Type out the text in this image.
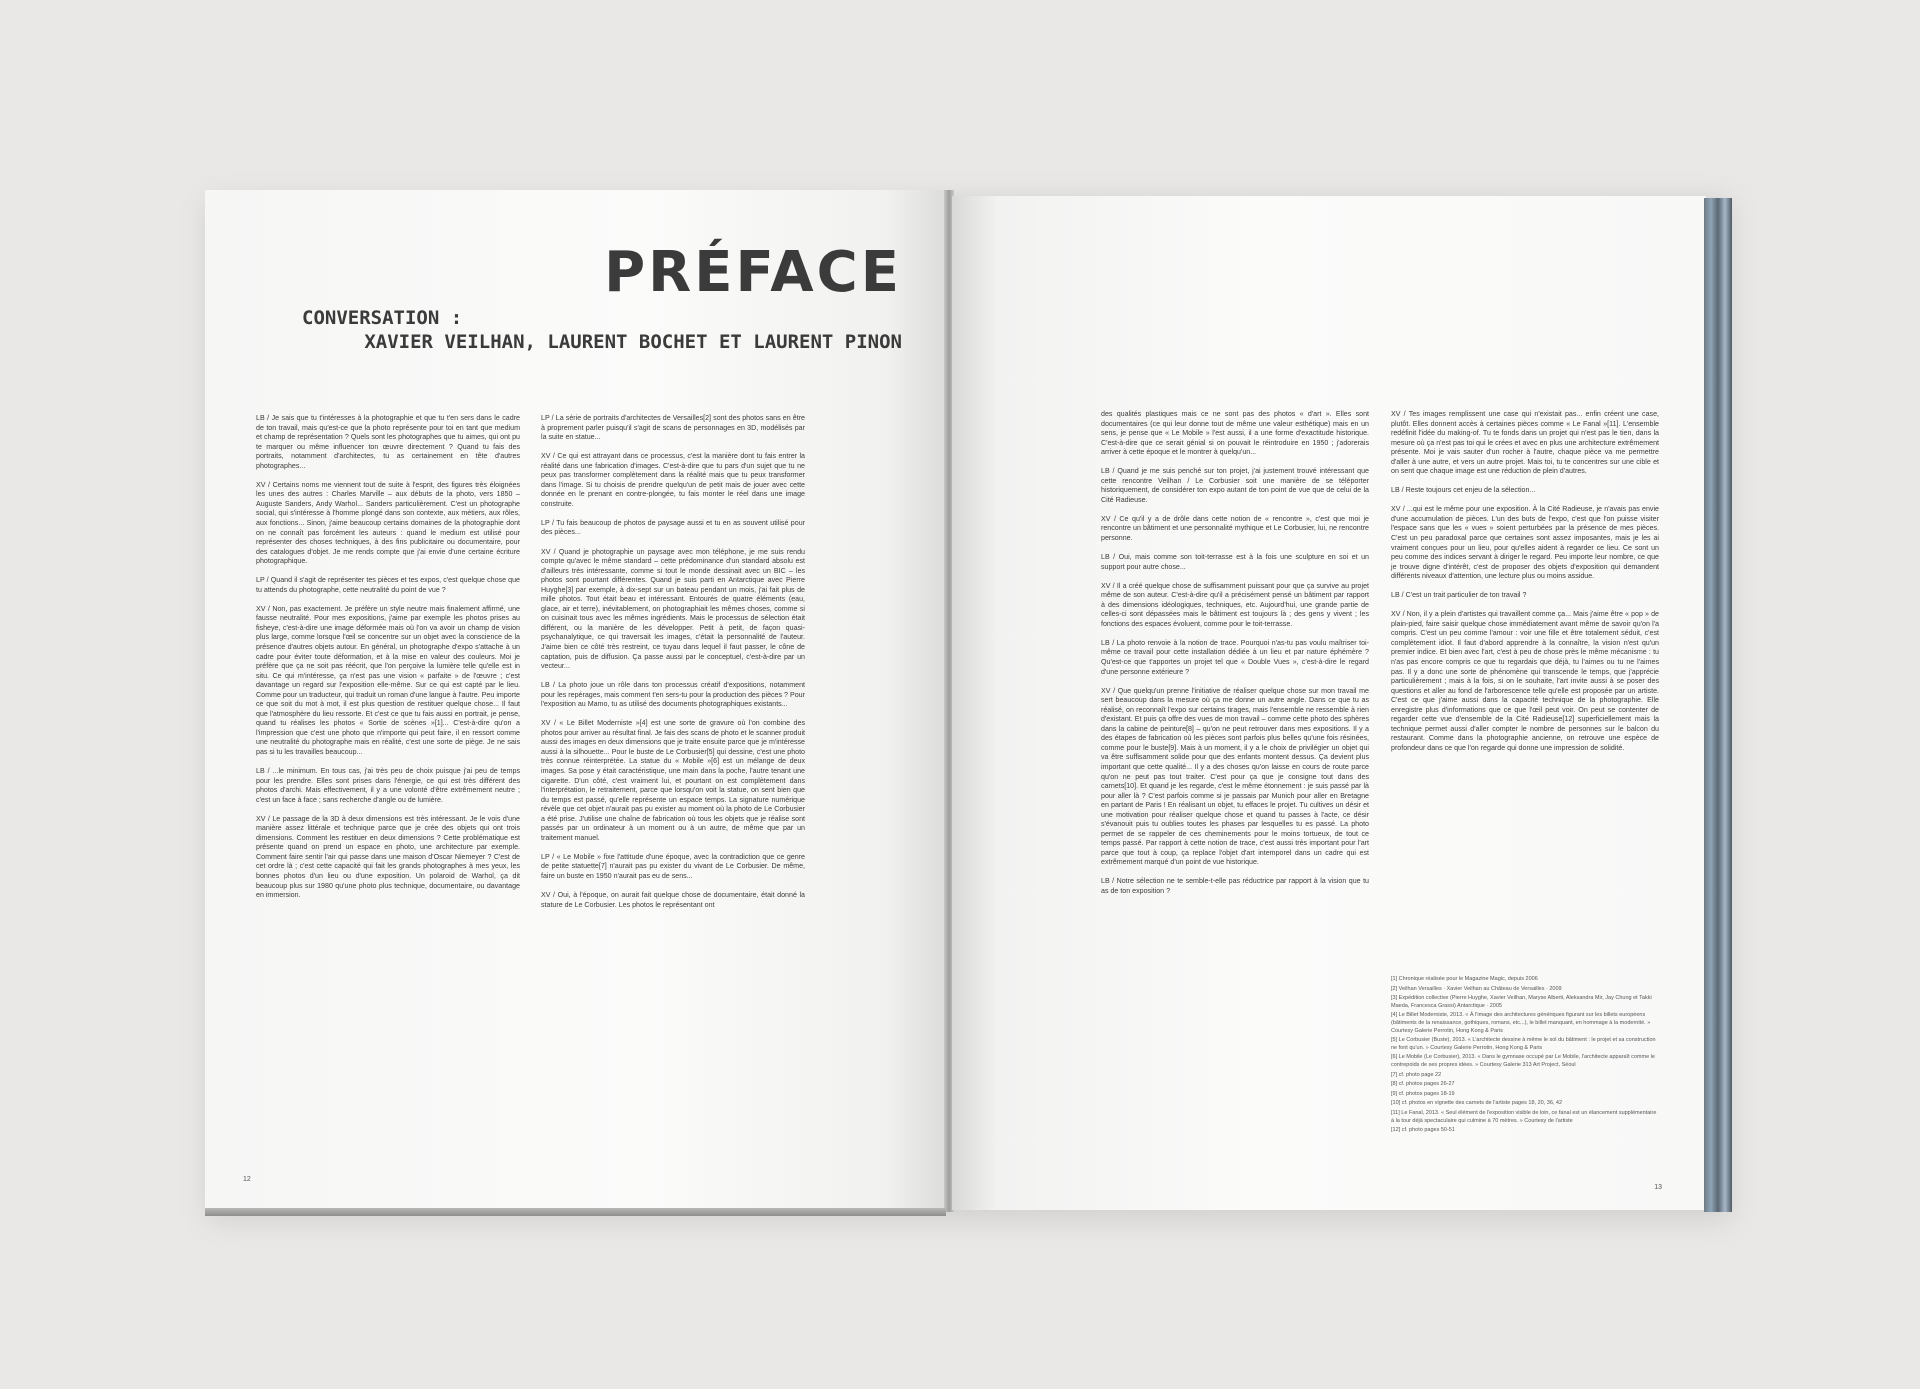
PRÉFACE
CONVERSATION :
XAVIER VEILHAN, LAURENT BOCHET ET LAURENT PINON

LB / Je sais que tu t'intéresses à la photographie et que tu t'en sers dans le cadre de ton travail, mais qu'est-ce que la photo représente pour toi en tant que medium et champ de représentation ? Quels sont les photographes que tu aimes, qui ont pu te marquer ou même influencer ton œuvre directement ? Quand tu fais des portraits, notamment d'architectes, tu as certainement en tête d'autres photographes...

XV / Certains noms me viennent tout de suite à l'esprit, des figures très éloignées les unes des autres : Charles Marville – aux débuts de la photo, vers 1850 – Auguste Sanders, Andy Warhol... Sanders particulièrement. C'est un photographe social, qui s'intéresse à l'homme plongé dans son contexte, aux métiers, aux rôles, aux fonctions... Sinon, j'aime beaucoup certains domaines de la photographie dont on ne connaît pas forcément les auteurs : quand le medium est utilisé pour représenter des choses techniques, à des fins publicitaire ou documentaire, pour des catalogues d'objet. Je me rends compte que j'ai envie d'une certaine écriture photographique.

LP / Quand il s'agit de représenter tes pièces et tes expos, c'est quelque chose que tu attends du photographe, cette neutralité du point de vue ?

XV / Non, pas exactement. Je préfère un style neutre mais finalement affirmé, une fausse neutralité. Pour mes expositions, j'aime par exemple les photos prises au fisheye, c'est-à-dire une image déformée mais où l'on va avoir un champ de vision plus large, comme lorsque l'œil se concentre sur un objet avec la conscience de la présence d'autres objets autour. En général, un photographe d'expo s'attache à un cadre pour éviter toute déformation, et à la mise en valeur des couleurs. Moi je préfère que ça ne soit pas réécrit, que l'on perçoive la lumière telle qu'elle est in situ. Ce qui m'intéresse, ça n'est pas une vision « parfaite » de l'œuvre ; c'est davantage un regard sur l'exposition elle-même. Sur ce qui est capté par le lieu. Comme pour un traducteur, qui traduit un roman d'une langue à l'autre. Peu importe ce que soit du mot à mot, il est plus question de restituer quelque chose... Il faut que l'atmosphère du lieu ressorte. Et c'est ce que tu fais aussi en portrait, je pense, quand tu réalises les photos « Sortie de scènes »[1]... C'est-à-dire qu'on a l'impression que c'est une photo que n'importe qui peut faire, il en ressort comme une neutralité du photographe mais en réalité, c'est une sorte de piège. Je ne sais pas si tu les travailles beaucoup...

LB / ...le minimum. En tous cas, j'ai très peu de choix puisque j'ai peu de temps pour les prendre. Elles sont prises dans l'énergie, ce qui est très différent des photos d'archi. Mais effectivement, il y a une volonté d'être extrêmement neutre ; c'est un face à face ; sans recherche d'angle ou de lumière.

XV / Le passage de la 3D à deux dimensions est très intéressant. Je le vois d'une manière assez littérale et technique parce que je crée des objets qui ont trois dimensions. Comment les restituer en deux dimensions ? Cette problématique est présente quand on prend un espace en photo, une architecture par exemple. Comment faire sentir l'air qui passe dans une maison d'Oscar Niemeyer ? C'est de cet ordre là ; c'est cette capacité qui fait les grands photographes à mes yeux, les bonnes photos d'un lieu ou d'une exposition. Un polaroid de Warhol, ça dit beaucoup plus sur 1980 qu'une photo plus technique, documentaire, ou davantage en immersion.

LP / La série de portraits d'architectes de Versailles[2] sont des photos sans en être à proprement parler puisqu'il s'agit de scans de personnages en 3D, modélisés par la suite en statue...

XV / Ce qui est attrayant dans ce processus, c'est la manière dont tu fais entrer la réalité dans une fabrication d'images. C'est-à-dire que tu pars d'un sujet que tu ne peux pas transformer complètement dans la réalité mais que tu peux transformer dans l'image. Si tu choisis de prendre quelqu'un de petit mais de jouer avec cette donnée en le prenant en contre-plongée, tu fais monter le réel dans une image construite.

LP / Tu fais beaucoup de photos de paysage aussi et tu en as souvent utilisé pour des pièces...

XV / Quand je photographie un paysage avec mon téléphone, je me suis rendu compte qu'avec le même standard – cette prédominance d'un standard absolu est d'ailleurs très intéressante, comme si tout le monde dessinait avec un BIC – les photos sont pourtant différentes. Quand je suis parti en Antarctique avec Pierre Huyghe[3] par exemple, à dix-sept sur un bateau pendant un mois, j'ai fait plus de mille photos. Tout était beau et intéressant. Entourés de quatre éléments (eau, glace, air et terre), inévitablement, on photographiait les mêmes choses, comme si on cuisinait tous avec les mêmes ingrédients. Mais le processus de sélection était différent, ou la manière de les développer. Petit à petit, de façon quasi-psychanalytique, ce qui traversait les images, c'était la personnalité de l'auteur. J'aime bien ce côté très restreint, ce tuyau dans lequel il faut passer, le cône de captation, puis de diffusion. Ça passe aussi par le conceptuel, c'est-à-dire par un vecteur...

LB / La photo joue un rôle dans ton processus créatif d'expositions, notamment pour les repérages, mais comment t'en sers-tu pour la production des pièces ? Pour l'exposition au Mamo, tu as utilisé des documents photographiques existants...

XV / « Le Billet Moderniste »[4] est une sorte de gravure où l'on combine des photos pour arriver au résultat final. Je fais des scans de photo et le scanner produit aussi des images en deux dimensions que je traite ensuite parce que je m'intéresse aussi à la silhouette... Pour le buste de Le Corbusier[5] qui dessine, c'est une photo très connue réinterprétée. La statue du « Mobile »[6] est un mélange de deux images. Sa pose y était caractéristique, une main dans la poche, l'autre tenant une cigarette. D'un côté, c'est vraiment lui, et pourtant on est complètement dans l'interprétation, le retraitement, parce que lorsqu'on voit la statue, on sent bien que du temps est passé, qu'elle représente un espace temps. La signature numérique révèle que cet objet n'aurait pas pu exister au moment où la photo de Le Corbusier a été prise. J'utilise une chaîne de fabrication où tous les objets que je réalise sont passés par un ordinateur à un moment ou à un autre, de même que par un traitement manuel.

LP / « Le Mobile » fixe l'attitude d'une époque, avec la contradiction que ce genre de petite statuette[7] n'aurait pas pu exister du vivant de Le Corbusier. De même, faire un buste en 1950 n'aurait pas eu de sens...

XV / Oui, à l'époque, on aurait fait quelque chose de documentaire, était donné la stature de Le Corbusier. Les photos le représentant ont

12

des qualités plastiques mais ce ne sont pas des photos « d'art ». Elles sont documentaires (ce qui leur donne tout de même une valeur esthétique) mais en un sens, je pense que « Le Mobile » l'est aussi, il a une forme d'exactitude historique. C'est-à-dire que ce serait génial si on pouvait le réintroduire en 1950 ; j'adorerais arriver à cette époque et le montrer à quelqu'un...

LB / Quand je me suis penché sur ton projet, j'ai justement trouvé intéressant que cette rencontre Veilhan / Le Corbusier soit une manière de se téléporter historiquement, de considérer ton expo autant de ton point de vue que de celui de la Cité Radieuse.

XV / Ce qu'il y a de drôle dans cette notion de « rencontre », c'est que moi je rencontre un bâtiment et une personnalité mythique et Le Corbusier, lui, ne rencontre personne.

LB / Oui, mais comme son toit-terrasse est à la fois une sculpture en soi et un support pour autre chose...

XV / Il a créé quelque chose de suffisamment puissant pour que ça survive au projet même de son auteur. C'est-à-dire qu'il a précisément pensé un bâtiment par rapport à des dimensions idéologiques, techniques, etc. Aujourd'hui, une grande partie de celles-ci sont dépassées mais le bâtiment est toujours là ; des gens y vivent ; les fonctions des espaces évoluent, comme pour le toit-terrasse.

LB / La photo renvoie à la notion de trace. Pourquoi n'as-tu pas voulu maîtriser toi-même ce travail pour cette installation dédiée à un lieu et par nature éphémère ? Qu'est-ce que t'apportes un projet tel que « Double Vues », c'est-à-dire le regard d'une personne extérieure ?

XV / Que quelqu'un prenne l'initiative de réaliser quelque chose sur mon travail me sert beaucoup dans la mesure où ça me donne un autre angle. Dans ce que tu as réalisé, on reconnaît l'expo sur certains tirages, mais l'ensemble ne ressemble à rien d'existant. Et puis ça offre des vues de mon travail – comme cette photo des sphères dans la cabine de peinture[8] – qu'on ne peut retrouver dans mes expositions. Il y a des étapes de fabrication où les pièces sont parfois plus belles qu'une fois résinées, comme pour le buste[9]. Mais à un moment, il y a le choix de privilégier un objet qui va être suffisamment solide pour que des enfants montent dessus. Ça devient plus important que cette qualité... Il y a des choses qu'on laisse en cours de route parce qu'on ne peut pas tout traiter. C'est pour ça que je consigne tout dans des carnets[10]. Et quand je les regarde, c'est le même étonnement : je suis passé par là pour aller là ? C'est parfois comme si je passais par Munich pour aller en Bretagne en partant de Paris ! En réalisant un objet, tu effaces le projet. Tu cultives un désir et une motivation pour réaliser quelque chose et quand tu passes à l'acte, ce désir s'évanouit puis tu oublies toutes les phases par lesquelles tu es passé. La photo permet de se rappeler de ces cheminements pour le moins tortueux, de tout ce temps passé. Par rapport à cette notion de trace, c'est aussi très important pour l'art parce que tout à coup, ça replace l'objet d'art intemporel dans un cadre qui est extrêmement marqué d'un point de vue historique.

LB / Notre sélection ne te semble-t-elle pas réductrice par rapport à la vision que tu as de ton exposition ?

XV / Tes images remplissent une case qui n'existait pas... enfin créent une case, plutôt. Elles donnent accès à certaines pièces comme « Le Fanal »[11]. L'ensemble redéfinit l'idée du making-of. Tu te fonds dans un projet qui n'est pas le tien, dans la mesure où ça n'est pas toi qui le crées et avec en plus une architecture extrêmement présente. Moi je vais sauter d'un rocher à l'autre, chaque pièce va me permettre d'aller à une autre, et vers un autre projet. Mais toi, tu te concentres sur une cible et on sent que chaque image est une réduction de plein d'autres.

LB / Reste toujours cet enjeu de la sélection...

XV / ...qui est le même pour une exposition. À la Cité Radieuse, je n'avais pas envie d'une accumulation de pièces. L'un des buts de l'expo, c'est que l'on puisse visiter l'espace sans que les « vues » soient perturbées par la présence de mes pièces. C'est un peu paradoxal parce que certaines sont assez imposantes, mais je les ai vraiment conçues pour un lieu, pour qu'elles aident à regarder ce lieu. Ce sont un peu comme des indices servant à diriger le regard. Peu importe leur nombre, ce que je trouve digne d'intérêt, c'est de proposer des objets d'exposition qui demandent différents niveaux d'attention, une lecture plus ou moins assidue.

LB / C'est un trait particulier de ton travail ?

XV / Non, il y a plein d'artistes qui travaillent comme ça... Mais j'aime être « pop » de plain-pied, faire saisir quelque chose immédiatement avant même de savoir qu'on l'a compris. C'est un peu comme l'amour : voir une fille et être totalement séduit, c'est complètement idiot. Il faut d'abord apprendre à la connaître, la vision n'est qu'un premier indice. Et bien avec l'art, c'est à peu de chose près le même mécanisme : tu n'as pas encore compris ce que tu regardais que déjà, tu l'aimes ou tu ne l'aimes pas. Il y a donc une sorte de phénomène qui transcende le temps, que j'apprécie particulièrement ; mais à la fois, si on le souhaite, l'art invite aussi à se poser des questions et aller au fond de l'arborescence telle qu'elle est proposée par un artiste. C'est ce que j'aime aussi dans la capacité technique de la photographie. Elle enregistre plus d'informations que ce que l'œil peut voir. On peut se contenter de regarder cette vue d'ensemble de la Cité Radieuse[12] superficiellement mais la technique permet aussi d'aller compter le nombre de personnes sur le balcon du restaurant. Comme dans la photographie ancienne, on retrouve une espèce de profondeur dans ce que l'on regarde qui donne une impression de solidité.

[1] Chronique réalisée pour le Magazine Magic, depuis 2006
[2] Veilhan Versailles · Xavier Veilhan au Château de Versailles · 2009
[3] Expédition collective (Pierre Huyghe, Xavier Veilhan, Maryse Alberti, Aleksandra Mir, Jay Chung et Takki Maeda, Francesca Grassi) Antarctique · 2005
[4] Le Billet Moderniste, 2013. « À l'image des architectures génériques figurant sur les billets européens (bâtiments de la renaissance, gothiques, romans, etc...), le billet manquant, en hommage à la modernité. » Courtesy Galerie Perrotin, Hong Kong & Paris
[5] Le Corbusier (Buste), 2013. « L'architecte dessine à même le sol du bâtiment : le projet et sa construction ne font qu'un. » Courtesy Galerie Perrotin, Hong Kong & Paris
[6] Le Mobile (Le Corbusier), 2013. « Dans le gymnase occupé par Le Mobile, l'architecte apparaît comme le contrepoids de ses propres idées. » Courtesy Galerie 313 Art Project, Séoul
[7] cf. photo page 22
[8] cf. photos pages 26-27
[9] cf. photos pages 18-19
[10] cf. photos en vignette des carnets de l'artiste pages 18, 20, 36, 42
[11] Le Fanal, 2013. « Seul élément de l'exposition visible de loin, ce fanal est un élancement supplémentaire à la tour déjà spectaculaire qui culmine à 70 mètres. » Courtesy de l'artiste
[12] cf. photo pages 50-51
13
